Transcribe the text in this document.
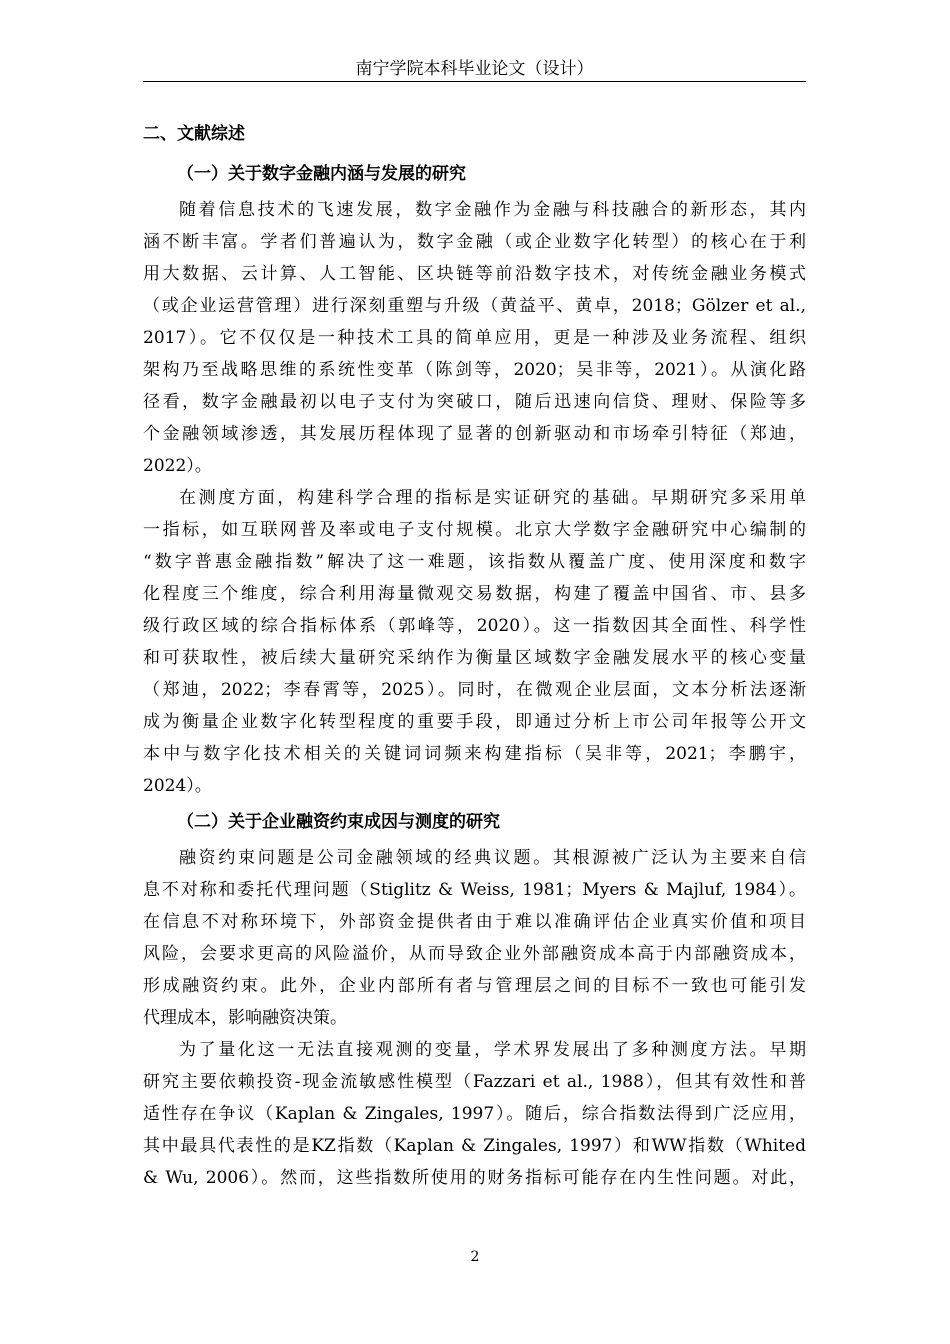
南宁学院本科毕业论文（设计）
二、文献综述
（一）关于数字金融内涵与发展的研究
随着信息技术的飞速发展，数字金融作为金融与科技融合的新形态，其内
涵不断丰富。学者们普遍认为，数字金融（或企业数字化转型）的核心在于利
用大数据、云计算、人工智能、区块链等前沿数字技术，对传统金融业务模式
（或企业运营管理）进行深刻重塑与升级（黄益平、黄卓，2018；Gölzer et al.,
2017）。它不仅仅是一种技术工具的简单应用，更是一种涉及业务流程、组织
架构乃至战略思维的系统性变革（陈剑等，2020；吴非等，2021）。从演化路
径看，数字金融最初以电子支付为突破口，随后迅速向信贷、理财、保险等多
个金融领域渗透，其发展历程体现了显著的创新驱动和市场牵引特征（郑迪，
2022）。
在测度方面，构建科学合理的指标是实证研究的基础。早期研究多采用单
一指标，如互联网普及率或电子支付规模。北京大学数字金融研究中心编制的
“数字普惠金融指数”解决了这一难题，该指数从覆盖广度、使用深度和数字
化程度三个维度，综合利用海量微观交易数据，构建了覆盖中国省、市、县多
级行政区域的综合指标体系（郭峰等，2020）。这一指数因其全面性、科学性
和可获取性，被后续大量研究采纳作为衡量区域数字金融发展水平的核心变量
（郑迪，2022；李春霄等，2025）。同时，在微观企业层面，文本分析法逐渐
成为衡量企业数字化转型程度的重要手段，即通过分析上市公司年报等公开文
本中与数字化技术相关的关键词词频来构建指标（吴非等，2021；李鹏宇，
2024）。
（二）关于企业融资约束成因与测度的研究
融资约束问题是公司金融领域的经典议题。其根源被广泛认为主要来自信
息不对称和委托代理问题（Stiglitz & Weiss, 1981；Myers & Majluf, 1984）。
在信息不对称环境下，外部资金提供者由于难以准确评估企业真实价值和项目
风险，会要求更高的风险溢价，从而导致企业外部融资成本高于内部融资成本，
形成融资约束。此外，企业内部所有者与管理层之间的目标不一致也可能引发
代理成本，影响融资决策。
为了量化这一无法直接观测的变量，学术界发展出了多种测度方法。早期
研究主要依赖投资-现金流敏感性模型（Fazzari et al., 1988），但其有效性和普
适性存在争议（Kaplan & Zingales, 1997）。随后，综合指数法得到广泛应用，
其中最具代表性的是KZ指数（Kaplan & Zingales, 1997）和WW指数（Whited
& Wu, 2006）。然而，这些指数所使用的财务指标可能存在内生性问题。对此，
2
